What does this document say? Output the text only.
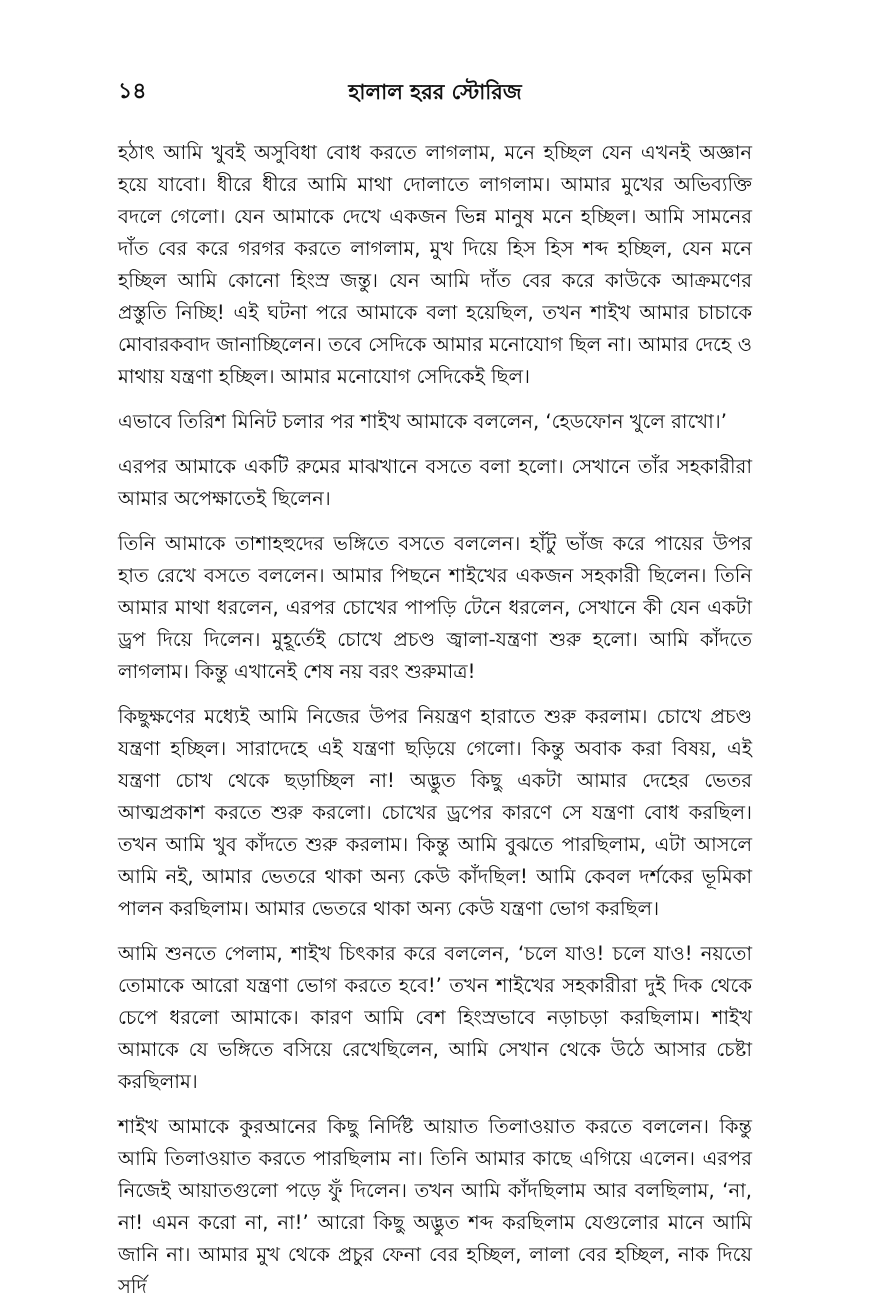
১৪	হালাল হরর স্টোরিজ

হঠাৎ আমি খুবই অসুবিধা বোধ করতে লাগলাম, মনে হচ্ছিল যেন এখনই অজ্ঞান হয়ে যাবো। ধীরে ধীরে আমি মাথা দোলাতে লাগলাম। আমার মুখের অভিব্যক্তি বদলে গেলো। যেন আমাকে দেখে একজন ভিন্ন মানুষ মনে হচ্ছিল। আমি সামনের দাঁত বের করে গরগর করতে লাগলাম, মুখ দিয়ে হিস হিস শব্দ হচ্ছিল, যেন মনে হচ্ছিল আমি কোনো হিংস্র জন্তু। যেন আমি দাঁত বের করে কাউকে আক্রমণের প্রস্তুতি নিচ্ছি! এই ঘটনা পরে আমাকে বলা হয়েছিল, তখন শাইখ আমার চাচাকে মোবারকবাদ জানাচ্ছিলেন। তবে সেদিকে আমার মনোযোগ ছিল না। আমার দেহে ও মাথায় যন্ত্রণা হচ্ছিল। আমার মনোযোগ সেদিকেই ছিল।

এভাবে তিরিশ মিনিট চলার পর শাইখ আমাকে বললেন, ‘হেডফোন খুলে রাখো।’

এরপর আমাকে একটি রুমের মাঝখানে বসতে বলা হলো। সেখানে তাঁর সহকারীরা আমার অপেক্ষাতেই ছিলেন।

তিনি আমাকে তাশাহহুদের ভঙ্গিতে বসতে বললেন। হাঁটু ভাঁজ করে পায়ের উপর হাত রেখে বসতে বললেন। আমার পিছনে শাইখের একজন সহকারী ছিলেন। তিনি আমার মাথা ধরলেন, এরপর চোখের পাপড়ি টেনে ধরলেন, সেখানে কী যেন একটা ড্রপ দিয়ে দিলেন। মুহূর্তেই চোখে প্রচণ্ড জ্বালা-যন্ত্রণা শুরু হলো। আমি কাঁদতে লাগলাম। কিন্তু এখানেই শেষ নয় বরং শুরুমাত্র!

কিছুক্ষণের মধ্যেই আমি নিজের উপর নিয়ন্ত্রণ হারাতে শুরু করলাম। চোখে প্রচণ্ড যন্ত্রণা হচ্ছিল। সারাদেহে এই যন্ত্রণা ছড়িয়ে গেলো। কিন্তু অবাক করা বিষয়, এই যন্ত্রণা চোখ থেকে ছড়াচ্ছিল না! অদ্ভুত কিছু একটা আমার দেহের ভেতর আত্মপ্রকাশ করতে শুরু করলো। চোখের ড্রপের কারণে সে যন্ত্রণা বোধ করছিল। তখন আমি খুব কাঁদতে শুরু করলাম। কিন্তু আমি বুঝতে পারছিলাম, এটা আসলে আমি নই, আমার ভেতরে থাকা অন্য কেউ কাঁদছিল! আমি কেবল দর্শকের ভূমিকা পালন করছিলাম। আমার ভেতরে থাকা অন্য কেউ যন্ত্রণা ভোগ করছিল।

আমি শুনতে পেলাম, শাইখ চিৎকার করে বললেন, ‘চলে যাও! চলে যাও! নয়তো তোমাকে আরো যন্ত্রণা ভোগ করতে হবে!’ তখন শাইখের সহকারীরা দুই দিক থেকে চেপে ধরলো আমাকে। কারণ আমি বেশ হিংস্রভাবে নড়াচড়া করছিলাম। শাইখ আমাকে যে ভঙ্গিতে বসিয়ে রেখেছিলেন, আমি সেখান থেকে উঠে আসার চেষ্টা করছিলাম।

শাইখ আমাকে কুরআনের কিছু নির্দিষ্ট আয়াত তিলাওয়াত করতে বললেন। কিন্তু আমি তিলাওয়াত করতে পারছিলাম না। তিনি আমার কাছে এগিয়ে এলেন। এরপর নিজেই আয়াতগুলো পড়ে ফুঁ দিলেন। তখন আমি কাঁদছিলাম আর বলছিলাম, ‘না, না! এমন করো না, না!’ আরো কিছু অদ্ভুত শব্দ করছিলাম যেগুলোর মানে আমি জানি না। আমার মুখ থেকে প্রচুর ফেনা বের হচ্ছিল, লালা বের হচ্ছিল, নাক দিয়ে সর্দি
